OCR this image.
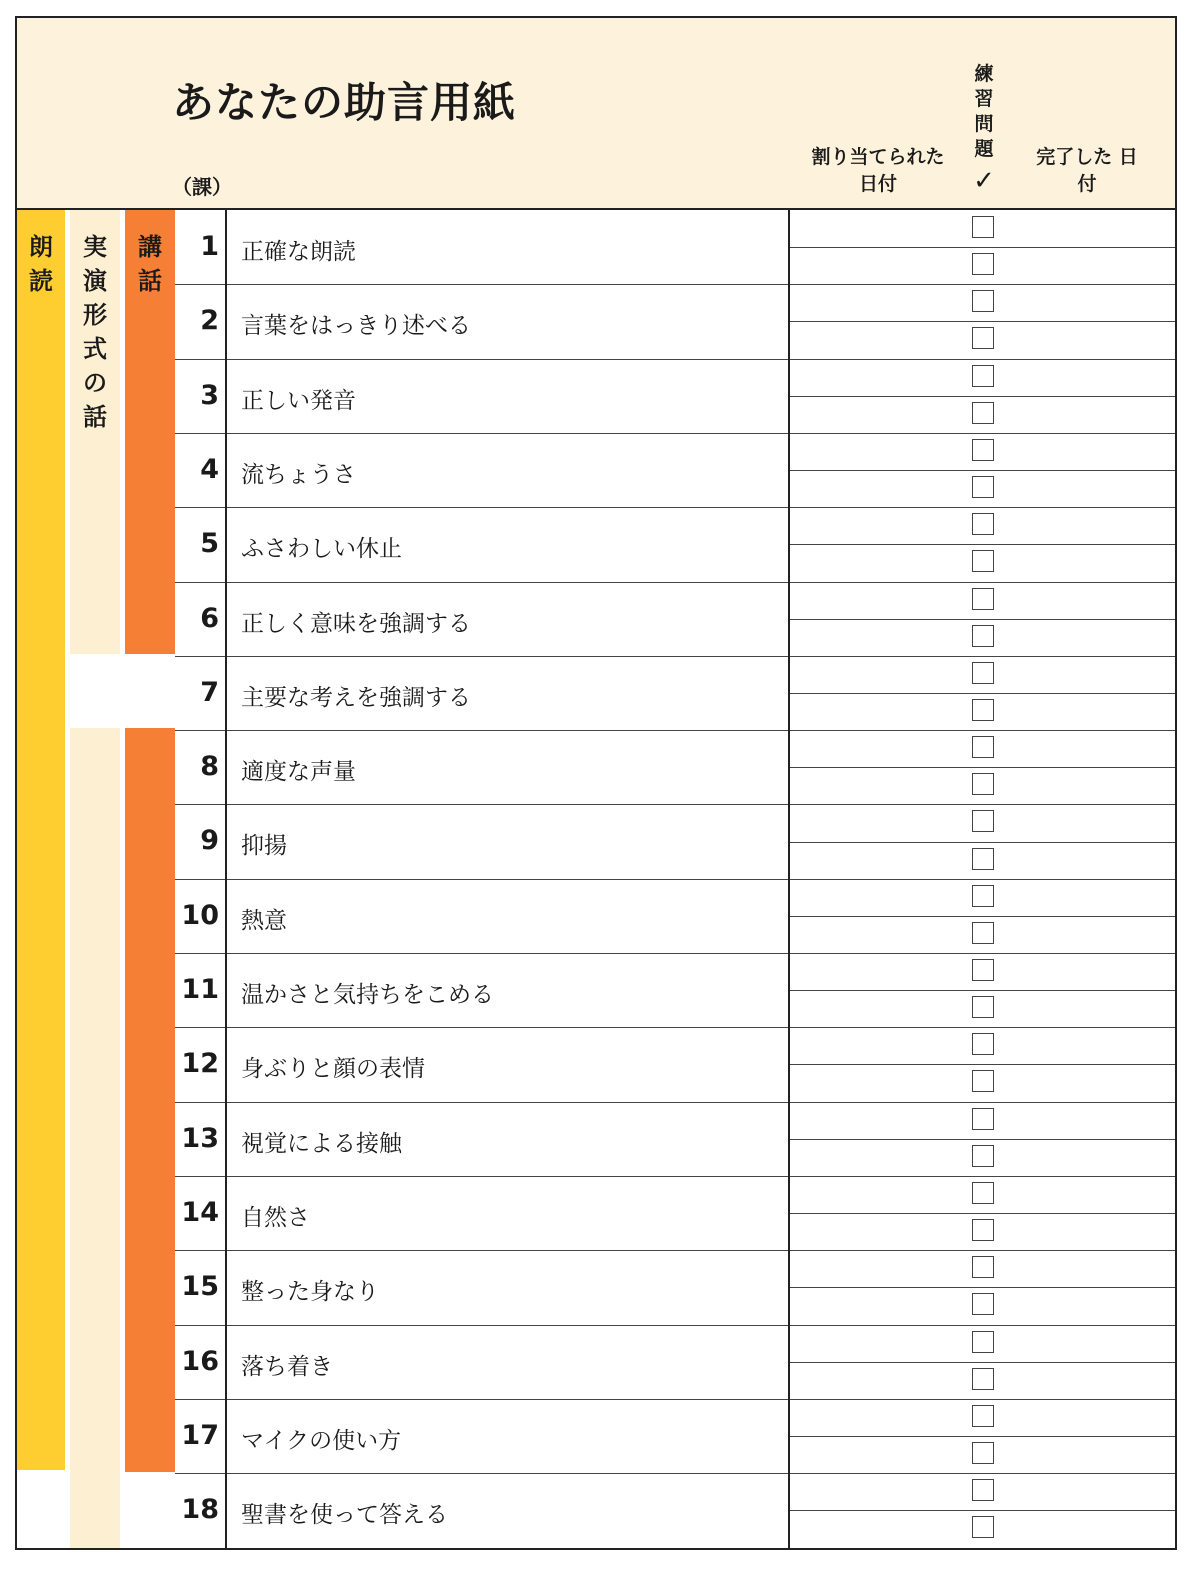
あなたの助言用紙
（課）
割り当てられた 日付
練
習
問
題
✓
完了した 日付
朗
読
実
演
形
式
の
話
講
話
1 正確な朗読
2 言葉をはっきり述べる
3 正しい発音
4 流ちょうさ
5 ふさわしい休止
6 正しく意味を強調する
7 主要な考えを強調する
8 適度な声量
9 抑揚
10 熱意
11 温かさと気持ちをこめる
12 身ぶりと顔の表情
13 視覚による接触
14 自然さ
15 整った身なり
16 落ち着き
17 マイクの使い方
18 聖書を使って答える
